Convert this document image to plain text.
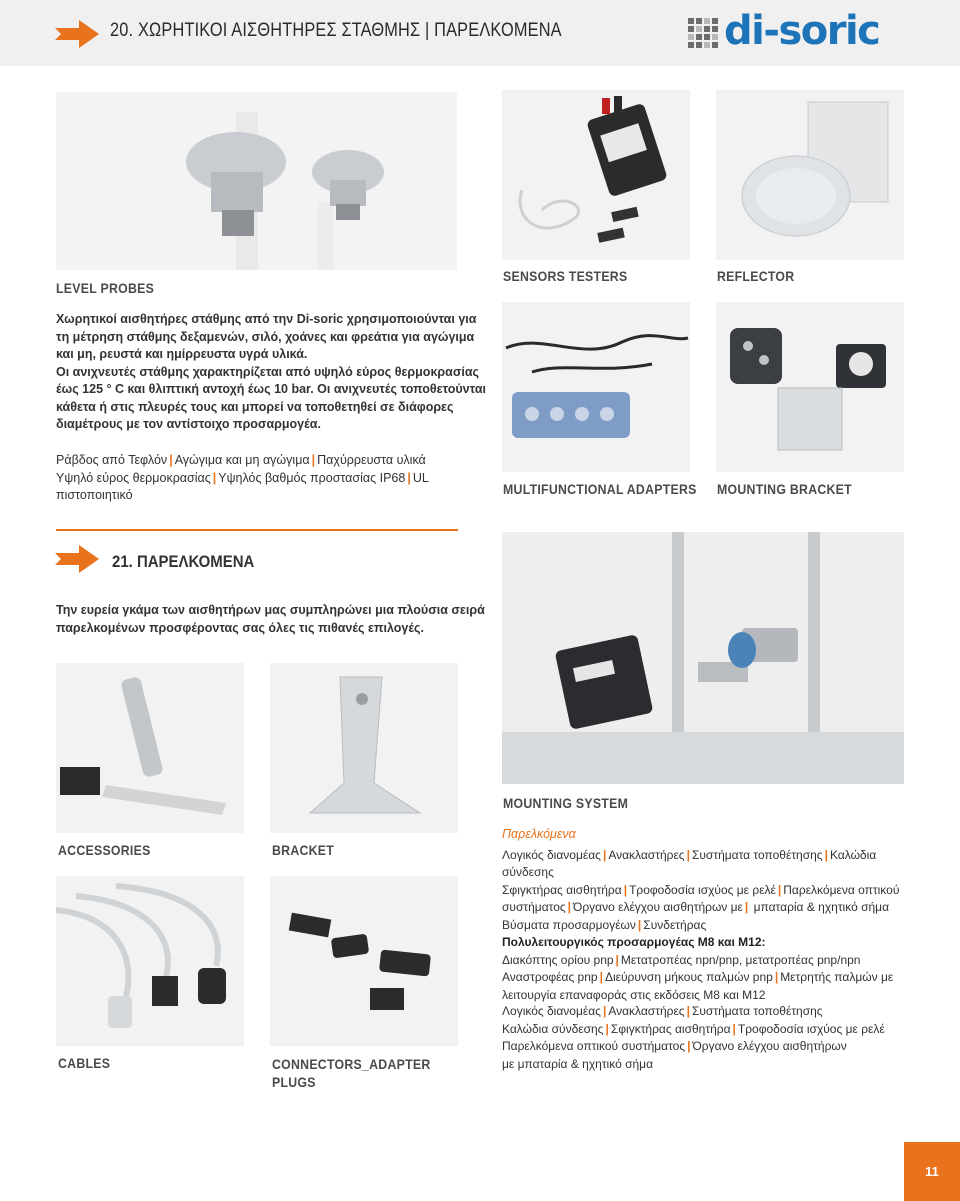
20. ΧΩΡΗΤΙΚΟΙ ΑΙΣΘΗΤΗΡΕΣ ΣΤΑΘΜΗΣ | ΠΑΡΕΛΚΟΜΕΝΑ	di-soric
LEVEL PROBES
Χωρητικοί αισθητήρες στάθμης από την Di-soric χρησιμοποιούνται για
τη μέτρηση στάθμης δεξαμενών, σιλό, χοάνες και φρεάτια για αγώγιμα
και μη, ρευστά και ημίρρευστα υγρά υλικά.
Οι ανιχνευτές στάθμης χαρακτηρίζεται από υψηλό εύρος θερμοκρασίας
έως 125 ° C και θλιπτική αντοχή έως 10 bar. Οι ανιχνευτές τοποθετούνται
κάθετα ή στις πλευρές τους και μπορεί να τοποθετηθεί σε διάφορες
διαμέτρους με τον αντίστοιχο προσαρμογέα.
Ράβδος από Τεφλόν | Αγώγιμα και μη αγώγιμα | Παχύρρευστα υλικά
Υψηλό εύρος θερμοκρασίας | Υψηλός βαθμός προστασίας IP68 | UL πιστοποιητικό
SENSORS TESTERS	REFLECTOR
MULTIFUNCTIONAL ADAPTERS MOUNTING BRACKET
21. ΠΑΡΕΛΚΟΜΕΝΑ
Την ευρεία γκάμα των αισθητήρων μας συμπληρώνει μια πλούσια σειρά
παρελκομένων προσφέροντας σας όλες τις πιθανές επιλογές.
MOUNTING SYSTEM
Παρελκόμενα
Λογικός διανομέας | Ανακλαστήρες | Συστήματα τοποθέτησης | Καλώδια σύνδεσης
Σφιγκτήρας αισθητήρα | Τροφοδοσία ισχύος με ρελέ | Παρελκόμενα οπτικού
συστήματος | Όργανο ελέγχου αισθητήρων με | μπαταρία & ηχητικό σήμα
Βύσματα προσαρμογέων | Συνδετήρας
Πολυλειτουργικός προσαρμογέας M8 και M12:
Διακόπτης ορίου pnp | Μετατροπέας npn/pnp, μετατροπέας pnp/npn
Αναστροφέας pnp | Διεύρυνση μήκους παλμών pnp | Μετρητής παλμών με
λειτουργία επαναφοράς στις εκδόσεις M8 και M12
Λογικός διανομέας | Ανακλαστήρες | Συστήματα τοποθέτησης
Καλώδια σύνδεσης | Σφιγκτήρας αισθητήρα | Τροφοδοσία ισχύος με ρελέ
Παρελκόμενα οπτικού συστήματος | Όργανο ελέγχου αισθητήρων
με μπαταρία & ηχητικό σήμα
ACCESSORIES	BRACKET
CABLES	CONNECTORS_ADAPTER PLUGS
11
